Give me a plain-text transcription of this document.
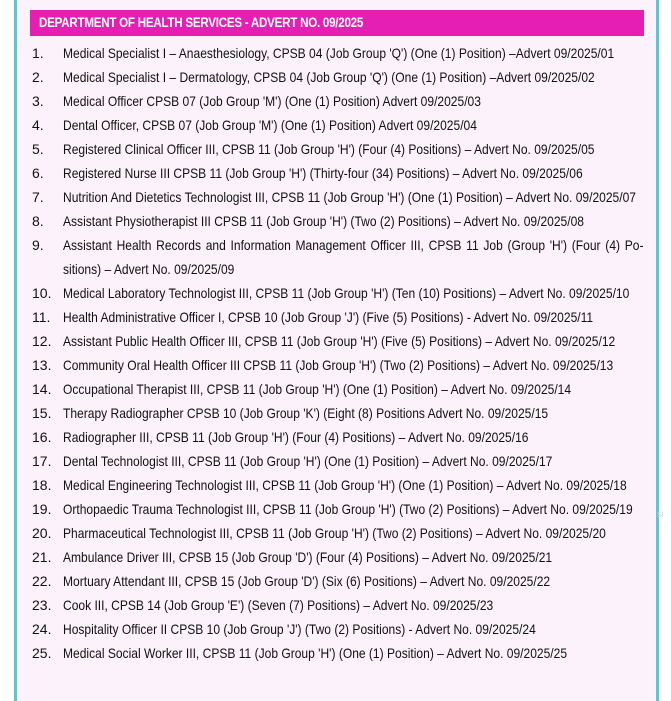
DEPARTMENT OF HEALTH SERVICES - ADVERT NO. 09/2025
1.	Medical Specialist I – Anaesthesiology, CPSB 04 (Job Group 'Q') (One (1) Position) –Advert 09/2025/01
2.	Medical Specialist I – Dermatology, CPSB 04 (Job Group 'Q') (One (1) Position) –Advert 09/2025/02
3.	Medical Officer CPSB 07 (Job Group 'M') (One (1) Position) Advert 09/2025/03
4.	Dental Officer, CPSB 07 (Job Group 'M') (One (1) Position) Advert 09/2025/04
5.	Registered Clinical Officer III, CPSB 11 (Job Group 'H') (Four (4) Positions) – Advert No. 09/2025/05
6.	Registered Nurse III CPSB 11 (Job Group 'H') (Thirty-four (34) Positions) – Advert No. 09/2025/06
7.	Nutrition And Dietetics Technologist III, CPSB 11 (Job Group 'H') (One (1) Position) – Advert No. 09/2025/07
8.	Assistant Physiotherapist III CPSB 11 (Job Group 'H') (Two (2) Positions) – Advert No. 09/2025/08
9.	Assistant Health Records and Information Management Officer III, CPSB 11 Job (Group 'H') (Four (4) Po-sitions) – Advert No. 09/2025/09
10. Medical Laboratory Technologist III, CPSB 11 (Job Group 'H') (Ten (10) Positions) – Advert No. 09/2025/10
11. Health Administrative Officer I, CPSB 10 (Job Group 'J') (Five (5) Positions) - Advert No. 09/2025/11
12. Assistant Public Health Officer III, CPSB 11 (Job Group 'H') (Five (5) Positions) – Advert No. 09/2025/12
13. Community Oral Health Officer III CPSB 11 (Job Group 'H') (Two (2) Positions) – Advert No. 09/2025/13
14. Occupational Therapist III, CPSB 11 (Job Group 'H') (One (1) Position) – Advert No. 09/2025/14
15. Therapy Radiographer CPSB 10 (Job Group 'K') (Eight (8) Positions Advert No. 09/2025/15
16. Radiographer III, CPSB 11 (Job Group 'H') (Four (4) Positions) – Advert No. 09/2025/16
17. Dental Technologist III, CPSB 11 (Job Group 'H') (One (1) Position) – Advert No. 09/2025/17
18. Medical Engineering Technologist III, CPSB 11 (Job Group 'H') (One (1) Position) – Advert No. 09/2025/18
19. Orthopaedic Trauma Technologist III, CPSB 11 (Job Group 'H') (Two (2) Positions) – Advert No. 09/2025/19
20. Pharmaceutical Technologist III, CPSB 11 (Job Group 'H') (Two (2) Positions) – Advert No. 09/2025/20
21. Ambulance Driver III, CPSB 15 (Job Group 'D') (Four (4) Positions) – Advert No. 09/2025/21
22. Mortuary Attendant III, CPSB 15 (Job Group 'D') (Six (6) Positions) – Advert No. 09/2025/22
23. Cook III, CPSB 14 (Job Group 'E') (Seven (7) Positions) – Advert No. 09/2025/23
24. Hospitality Officer II CPSB 10 (Job Group 'J') (Two (2) Positions) - Advert No. 09/2025/24
25. Medical Social Worker III, CPSB 11 (Job Group 'H') (One (1) Position) – Advert No. 09/2025/25
si
